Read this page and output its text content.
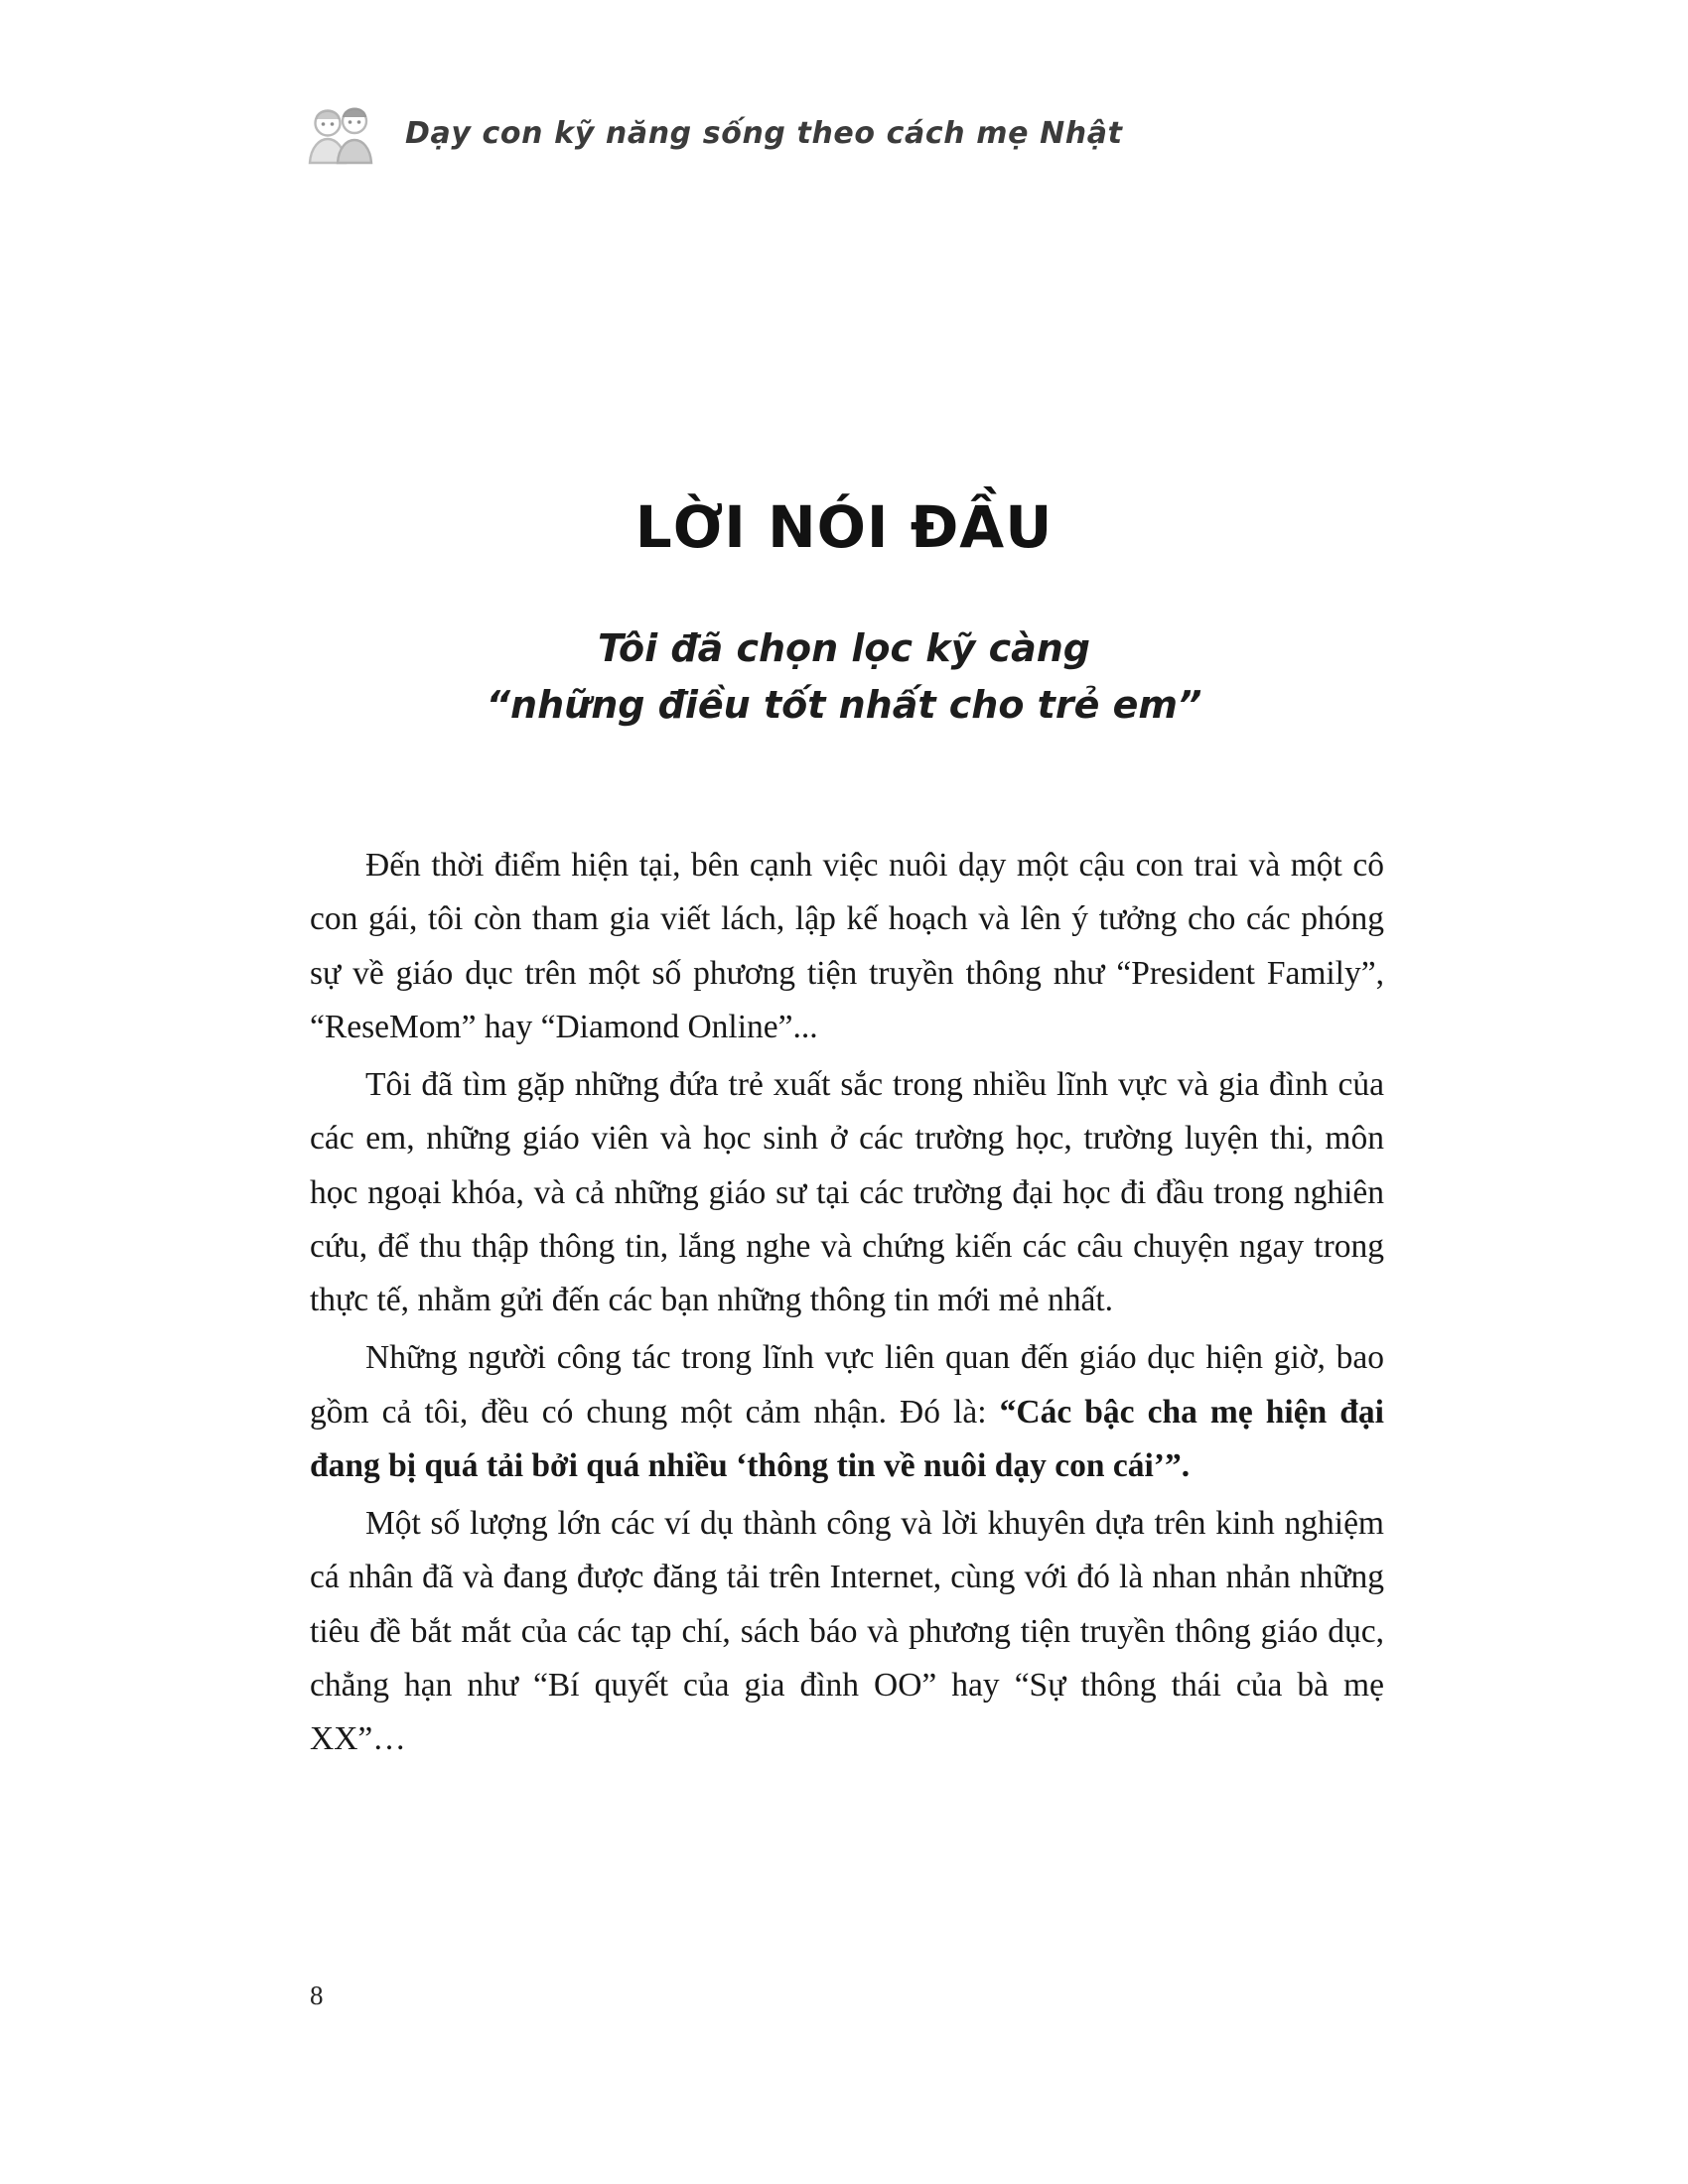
Dạy con kỹ năng sống theo cách mẹ Nhật
LỜI NÓI ĐẦU
Tôi đã chọn lọc kỹ càng
“những điều tốt nhất cho trẻ em”

Đến thời điểm hiện tại, bên cạnh việc nuôi dạy một cậu con trai và một cô con gái, tôi còn tham gia viết lách, lập kế hoạch và lên ý tưởng cho các phóng sự về giáo dục trên một số phương tiện truyền thông như “President Family”, “ReseMom” hay “Diamond Online”...

Tôi đã tìm gặp những đứa trẻ xuất sắc trong nhiều lĩnh vực và gia đình của các em, những giáo viên và học sinh ở các trường học, trường luyện thi, môn học ngoại khóa, và cả những giáo sư tại các trường đại học đi đầu trong nghiên cứu, để thu thập thông tin, lắng nghe và chứng kiến các câu chuyện ngay trong thực tế, nhằm gửi đến các bạn những thông tin mới mẻ nhất.

Những người công tác trong lĩnh vực liên quan đến giáo dục hiện giờ, bao gồm cả tôi, đều có chung một cảm nhận. Đó là: “Các bậc cha mẹ hiện đại đang bị quá tải bởi quá nhiều ‘thông tin về nuôi dạy con cái’”.

Một số lượng lớn các ví dụ thành công và lời khuyên dựa trên kinh nghiệm cá nhân đã và đang được đăng tải trên Internet, cùng với đó là nhan nhản những tiêu đề bắt mắt của các tạp chí, sách báo và phương tiện truyền thông giáo dục, chẳng hạn như “Bí quyết của gia đình OO” hay “Sự thông thái của bà mẹ XX”…

8
